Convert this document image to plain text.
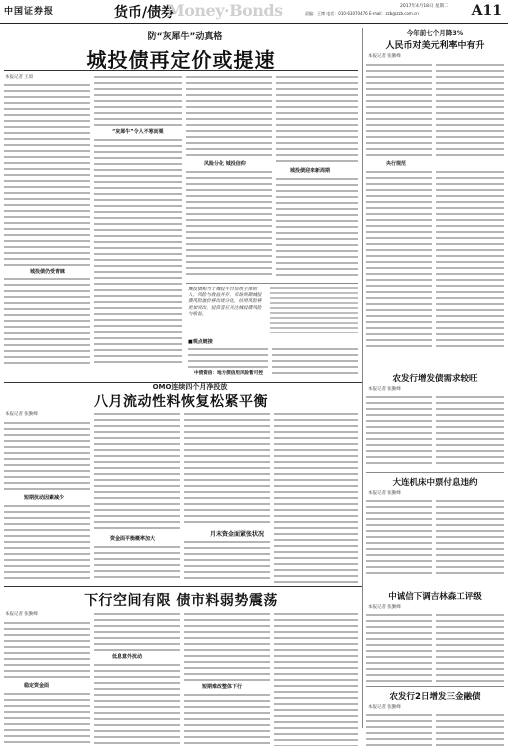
中国证券报	货币/债券
Money·Bonds	责编：王博 电话：010-63070476 E-mail：zzb@zzb.com.cn
2017年4月18日 星期二 A11
防“灰犀牛”动真格
城投债再定价或提速
本报记者 王姣
城投债仍受青睐
“灰犀牛”令人不寒而栗
风险分化 城投信仰
城投债迎来新周期
城投债相当于城投平台信用主体的人，风险与收益并存，市场预期城投债风险溢价将出现分化，信用风险将更加突出，投资者应关注城投债风险与收益。
■观点链接
中债资信：地方债信用风险暂可控
今年前七个月降3%
人民币对美元利率中有升
本报记者 张勤峰
央行规范
OMO连续四个月净投放
八月流动性料恢复松紧平衡
本报记者 张勤峰
短期扰动因素减少
资金面平衡概率加大
月末资金面紧张状况
农发行增发债需求较旺
本报记者 张勤峰
大连机床中票付息违约
本报记者 张勤峰
下行空间有限 债市料弱势震荡
本报记者 张勤峰
稳定资金面
低息意外扰动
短期难改整体下行
中诚信下调吉林森工评级
本报记者 张勤峰
农发行2日增发三金融债
本报记者 张勤峰
